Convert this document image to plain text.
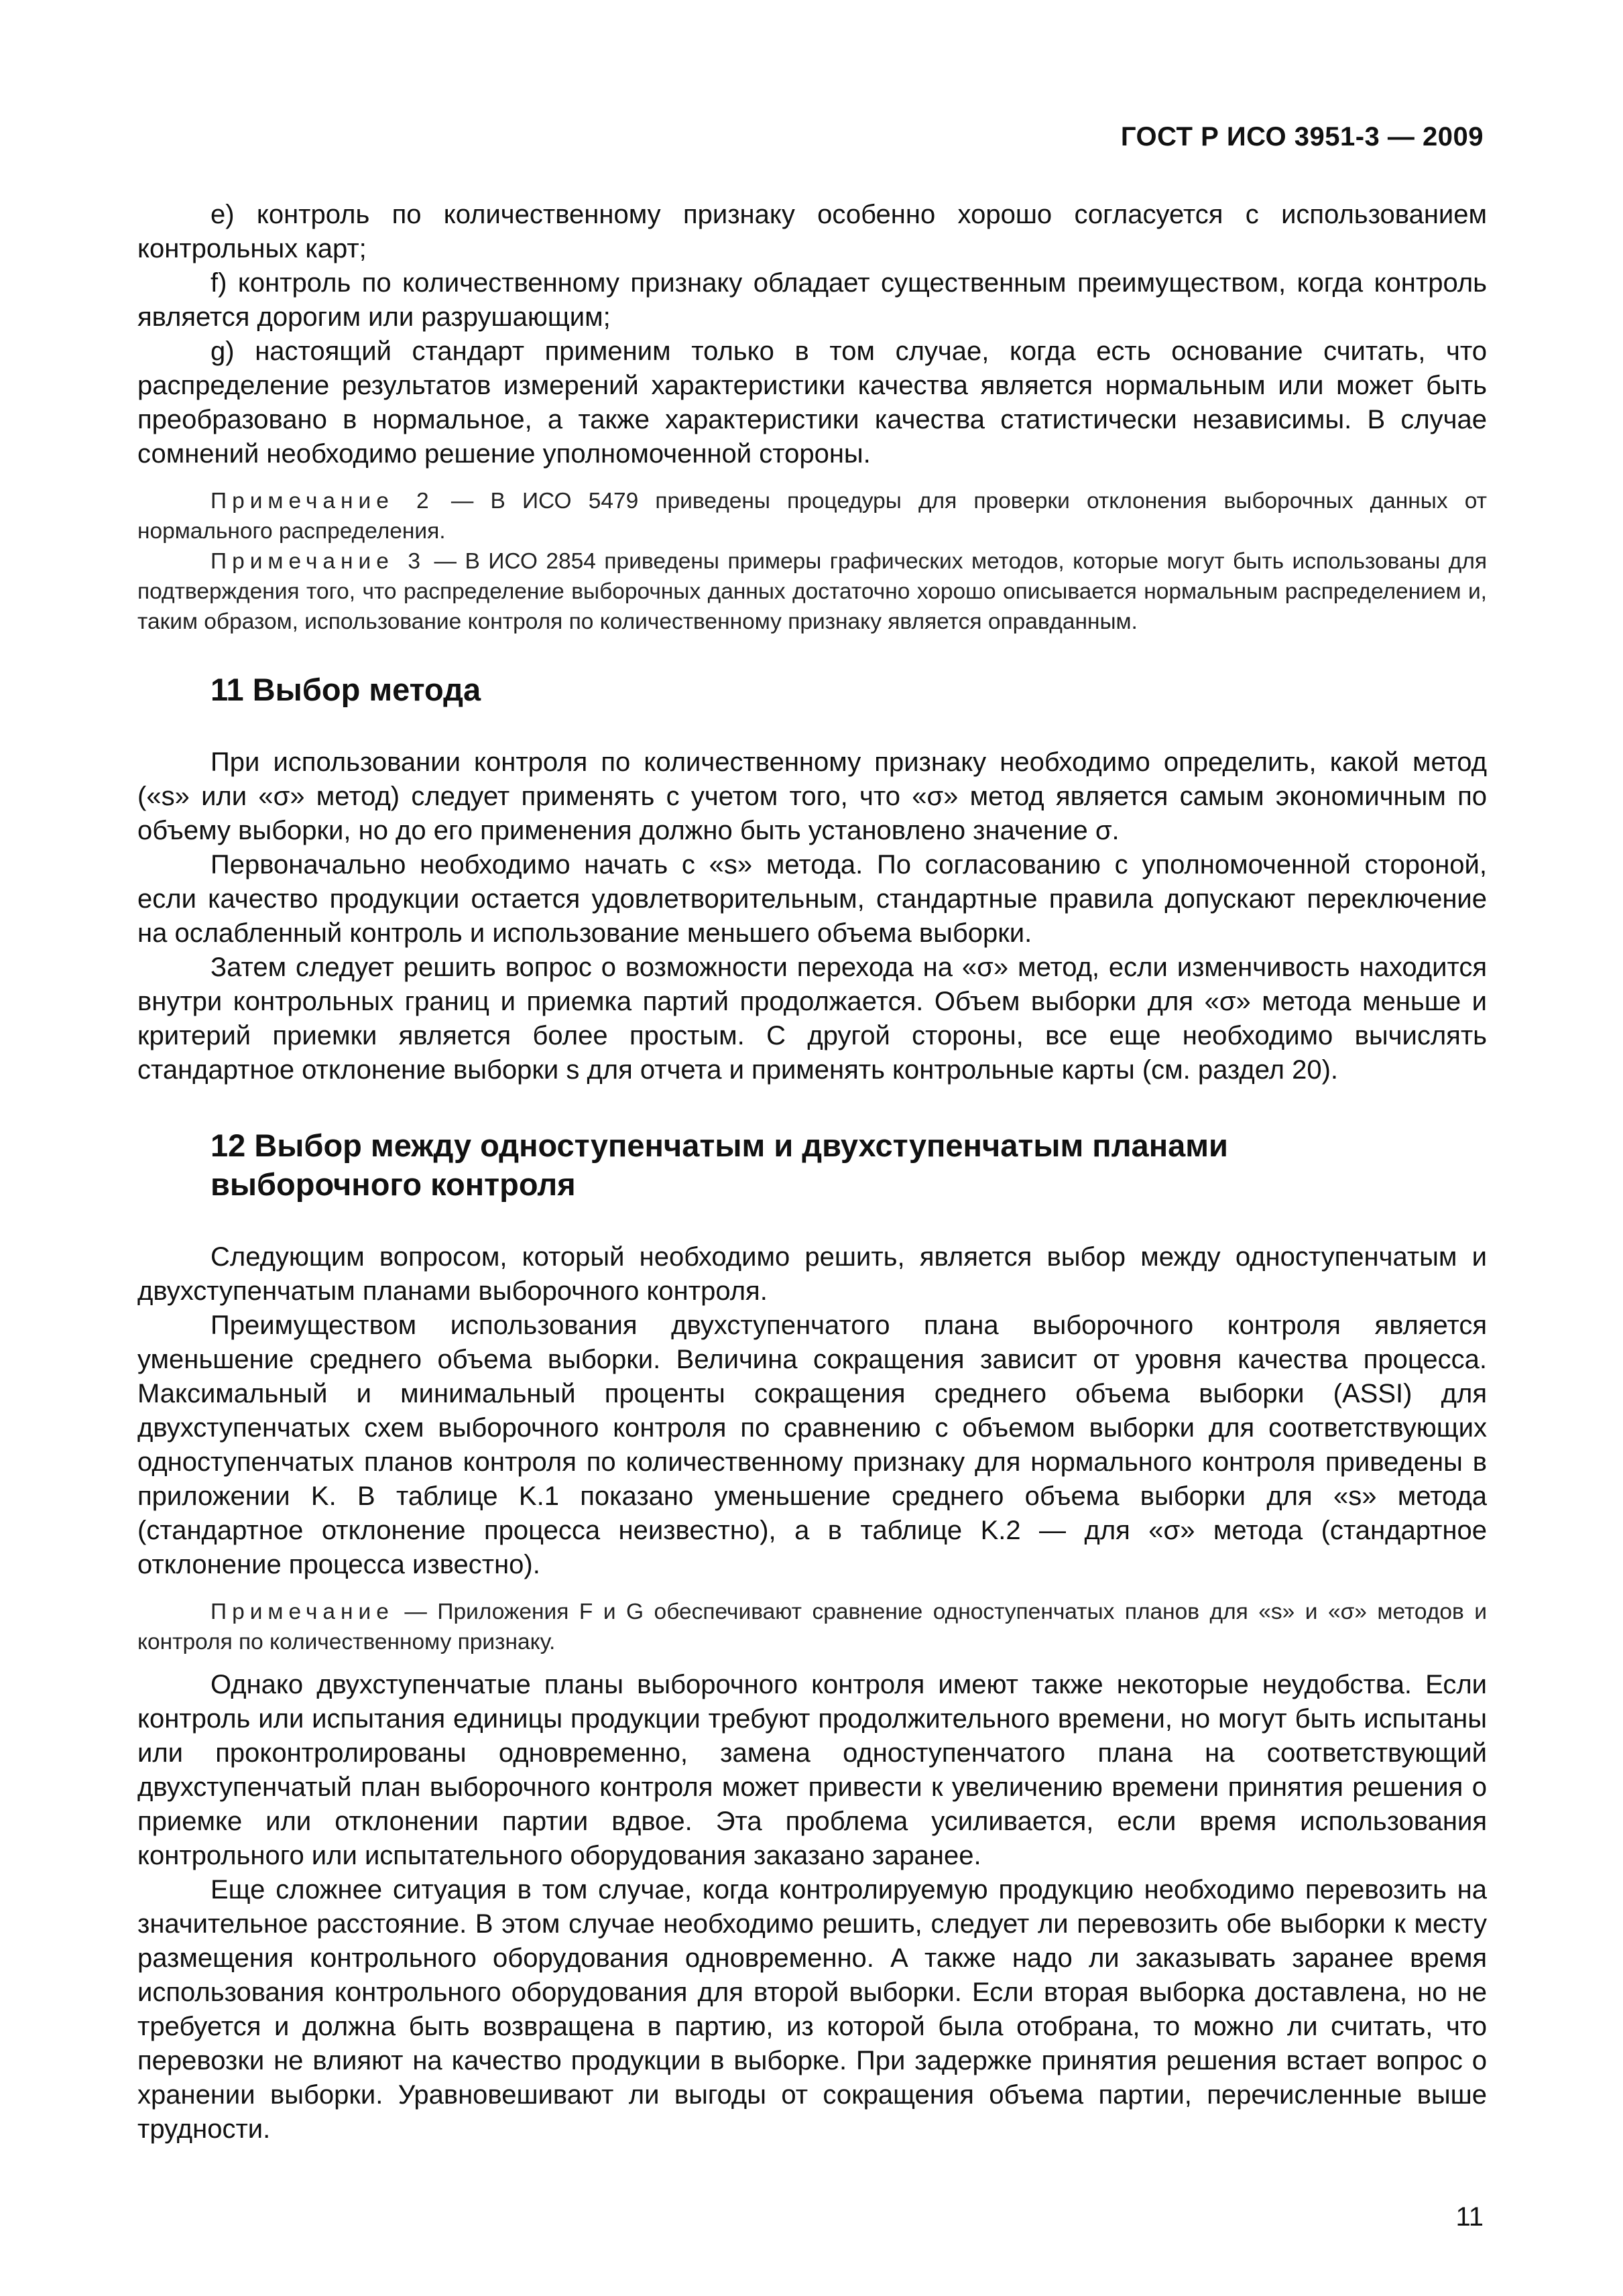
ГОСТ Р ИСО 3951-3 — 2009

е) контроль по количественному признаку особенно хорошо согласуется с использованием контрольных карт;

f) контроль по количественному признаку обладает существенным преимуществом, когда контроль является дорогим или разрушающим;

g) настоящий стандарт применим только в том случае, когда есть основание считать, что распределение результатов измерений характеристики качества является нормальным или может быть преобразовано в нормальное, а также характеристики качества статистически независимы. В случае сомнений необходимо решение уполномоченной стороны.

Примечание 2 — В ИСО 5479 приведены процедуры для проверки отклонения выборочных данных от нормального распределения.

Примечание 3 — В ИСО 2854 приведены примеры графических методов, которые могут быть использованы для подтверждения того, что распределение выборочных данных достаточно хорошо описывается нормальным распределением и, таким образом, использование контроля по количественному признаку является оправданным.

11 Выбор метода

При использовании контроля по количественному признаку необходимо определить, какой метод («s» или «σ» метод) следует применять с учетом того, что «σ» метод является самым экономичным по объему выборки, но до его применения должно быть установлено значение σ.

Первоначально необходимо начать с «s» метода. По согласованию с уполномоченной стороной, если качество продукции остается удовлетворительным, стандартные правила допускают переключение на ослабленный контроль и использование меньшего объема выборки.

Затем следует решить вопрос о возможности перехода на «σ» метод, если изменчивость находится внутри контрольных границ и приемка партий продолжается. Объем выборки для «σ» метода меньше и критерий приемки является более простым. С другой стороны, все еще необходимо вычислять стандартное отклонение выборки s для отчета и применять контрольные карты (см. раздел 20).

12 Выбор между одноступенчатым и двухступенчатым планами
выборочного контроля

Следующим вопросом, который необходимо решить, является выбор между одноступенчатым и двухступенчатым планами выборочного контроля.

Преимуществом использования двухступенчатого плана выборочного контроля является уменьшение среднего объема выборки. Величина сокращения зависит от уровня качества процесса. Максимальный и минимальный проценты сокращения среднего объема выборки (ASSI) для двухступенчатых схем выборочного контроля по сравнению с объемом выборки для соответствующих одноступенчатых планов контроля по количественному признаку для нормального контроля приведены в приложении K. В таблице K.1 показано уменьшение среднего объема выборки для «s» метода (стандартное отклонение процесса неизвестно), а в таблице K.2 — для «σ» метода (стандартное отклонение процесса известно).

Примечание — Приложения F и G обеспечивают сравнение одноступенчатых планов для «s» и «σ» методов и контроля по количественному признаку.

Однако двухступенчатые планы выборочного контроля имеют также некоторые неудобства. Если контроль или испытания единицы продукции требуют продолжительного времени, но могут быть испытаны или проконтролированы одновременно, замена одноступенчатого плана на соответствующий двухступенчатый план выборочного контроля может привести к увеличению времени принятия решения о приемке или отклонении партии вдвое. Эта проблема усиливается, если время использования контрольного или испытательного оборудования заказано заранее.

Еще сложнее ситуация в том случае, когда контролируемую продукцию необходимо перевозить на значительное расстояние. В этом случае необходимо решить, следует ли перевозить обе выборки к месту размещения контрольного оборудования одновременно. А также надо ли заказывать заранее время использования контрольного оборудования для второй выборки. Если вторая выборка доставлена, но не требуется и должна быть возвращена в партию, из которой была отобрана, то можно ли считать, что перевозки не влияют на качество продукции в выборке. При задержке принятия решения встает вопрос о хранении выборки. Уравновешивают ли выгоды от сокращения объема партии, перечисленные выше трудности.

11
